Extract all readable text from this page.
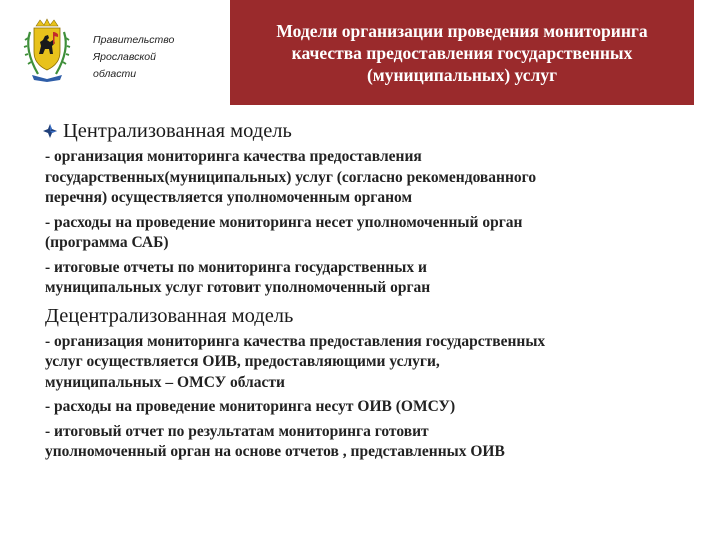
Правительство
Ярославской
области
Модели организации проведения мониторинга
качества предоставления государственных
(муниципальных) услуг
Централизованная модель
- организация мониторинга качества предоставления
государственных(муниципальных) услуг (согласно рекомендованного
перечня) осуществляется уполномоченным органом
- расходы на проведение мониторинга несет уполномоченный орган
(программа САБ)
- итоговые отчеты по мониторинга государственных и
муниципальных услуг готовит уполномоченный орган
Децентрализованная модель
- организация мониторинга качества предоставления государственных
услуг осуществляется ОИВ, предоставляющими услуги,
муниципальных – ОМСУ области
- расходы на проведение мониторинга несут ОИВ (ОМСУ)
- итоговый отчет по результатам мониторинга готовит
уполномоченный орган на основе отчетов , представленных ОИВ
